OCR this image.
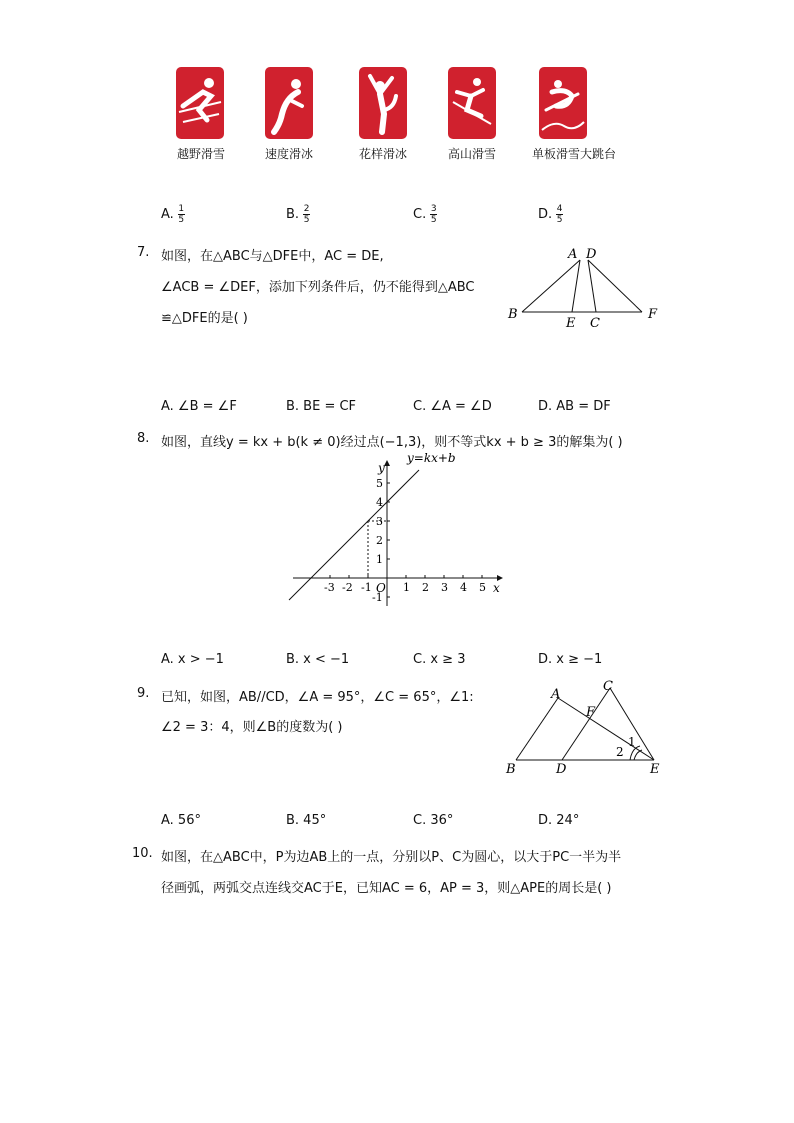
越野滑雪	速度滑冰	花样滑冰	高山滑雪	单板滑雪大跳台
A. $\frac{1}{5}$	B. $\frac{2}{5}$	C. $\frac{3}{5}$	D. $\frac{4}{5}$
7. 如图，在△ABC与△DFE中，AC = DE,
∠ACB = ∠DEF，添加下列条件后，仍不能得到△ABC
≌△DFE的是( )
A D
B
E C
F
A. ∠B = ∠F	B. BE = CF	C. ∠A = ∠D	D. AB = DF
8. 如图，直线y = kx + b(k ≠ 0)经过点(−1,3)，则不等式kx + b ≥ 3的解集为( )
y=kx+b
y
x
O
-3 -2 -1	1 2 3 4 5
5
4
3
2
1
-1
A. x > −1	B. x < −1	C. x ≥ 3	D. x ≥ −1
9. 已知，如图，AB//CD，∠A = 95°，∠C = 65°，∠1:
∠2 = 3：4，则∠B的度数为( )
A
C
F
1
2
B	D	E
A. 56°	B. 45°	C. 36°	D. 24°
10. 如图，在△ABC中，P为边AB上的一点，分别以P、C为圆心，以大于PC一半为半
径画弧，两弧交点连线交AC于E，已知AC = 6，AP = 3，则△APE的周长是( )
